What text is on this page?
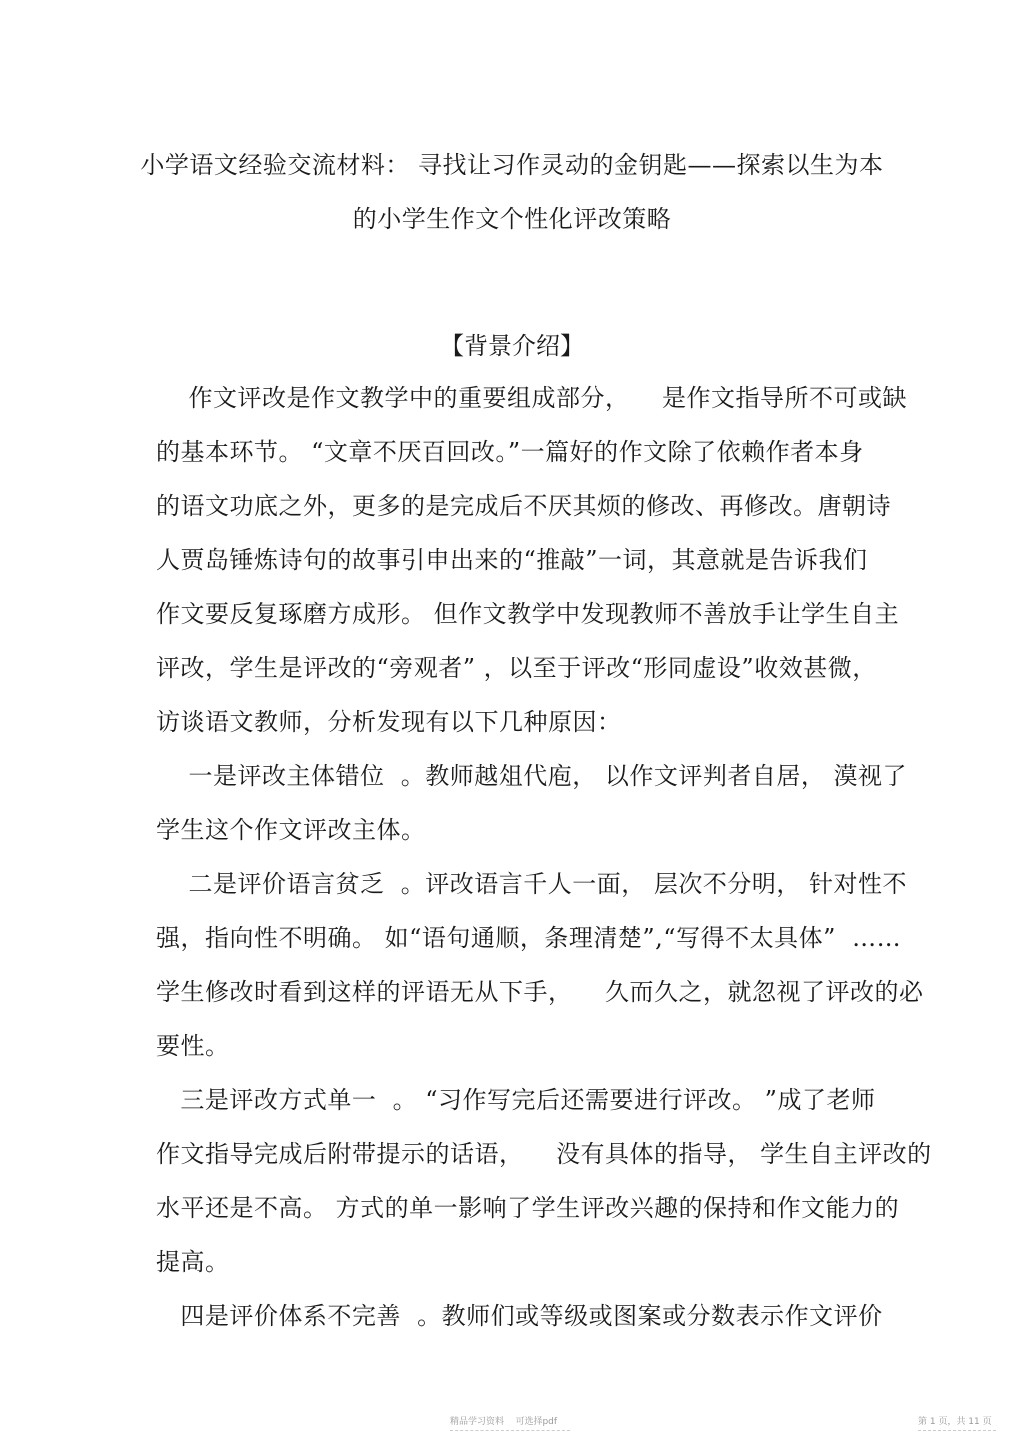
小学语文经验交流材料： 寻找让习作灵动的金钥匙——探索以生为本
的小学生作文个性化评改策略
【背景介绍】
作文评改是作文教学中的重要组成部分，    是作文指导所不可或缺
的基本环节。 “文章不厌百回改。”一篇好的作文除了依赖作者本身
的语文功底之外，更多的是完成后不厌其烦的修改、再修改。唐朝诗
人贾岛锤炼诗句的故事引申出来的“推敲”一词，其意就是告诉我们
作文要反复琢磨方成形。 但作文教学中发现教师不善放手让学生自主
评改，学生是评改的“旁观者” ，以至于评改“形同虚设”收效甚微，
访谈语文教师，分析发现有以下几种原因：
一是评改主体错位  。教师越俎代庖， 以作文评判者自居， 漠视了
学生这个作文评改主体。
二是评价语言贫乏  。评改语言千人一面， 层次不分明， 针对性不
强，指向性不明确。 如“语句通顺，条理清楚”,“写得不太具体”  ……
学生修改时看到这样的评语无从下手，    久而久之，就忽视了评改的必
要性。
三是评改方式单一  。 “习作写完后还需要进行评改。 ”成了老师
作文指导完成后附带提示的话语，    没有具体的指导， 学生自主评改的
水平还是不高。 方式的单一影响了学生评改兴趣的保持和作文能力的
提高。
四是评价体系不完善  。教师们或等级或图案或分数表示作文评价
精品学习资料    可选择pdf	第 1 页，共 11 页
